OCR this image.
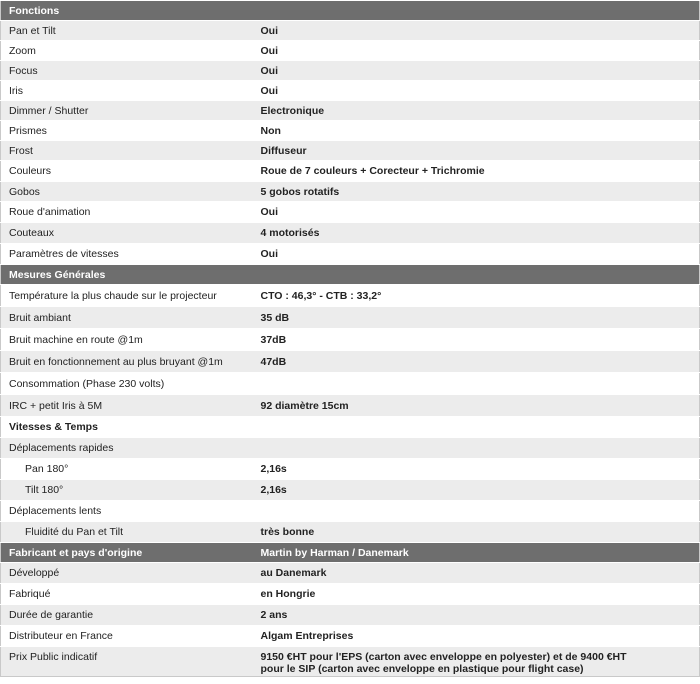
Fonctions	
Pan et Tilt	Oui
Zoom	Oui
Focus	Oui
Iris	Oui
Dimmer / Shutter	Electronique
Prismes	Non
Frost	Diffuseur
Couleurs	Roue de 7 couleurs + Corecteur + Trichromie
Gobos	5 gobos rotatifs
Roue d'animation	Oui
Couteaux	4 motorisés
Paramètres de vitesses	Oui
Mesures Générales	
Température la plus chaude sur le projecteur	CTO : 46,3° - CTB : 33,2°
Bruit ambiant	35 dB
Bruit machine en route @1m	37dB
Bruit en fonctionnement au plus bruyant @1m	47dB
Consommation (Phase 230 volts)	
IRC + petit Iris à 5M	92 diamètre 15cm
Vitesses & Temps	
Déplacements rapides	
Pan 180°	2,16s
Tilt 180°	2,16s
Déplacements lents	
Fluidité du Pan et Tilt	très bonne
Fabricant et pays d'origine	Martin by Harman / Danemark
Développé	au Danemark
Fabriqué	en Hongrie
Durée de garantie	2 ans
Distributeur en France	Algam Entreprises
Prix Public indicatif	9150 €HT pour l'EPS (carton avec enveloppe en polyester) et de 9400 €HT
pour le SIP (carton avec enveloppe en plastique pour flight case)
